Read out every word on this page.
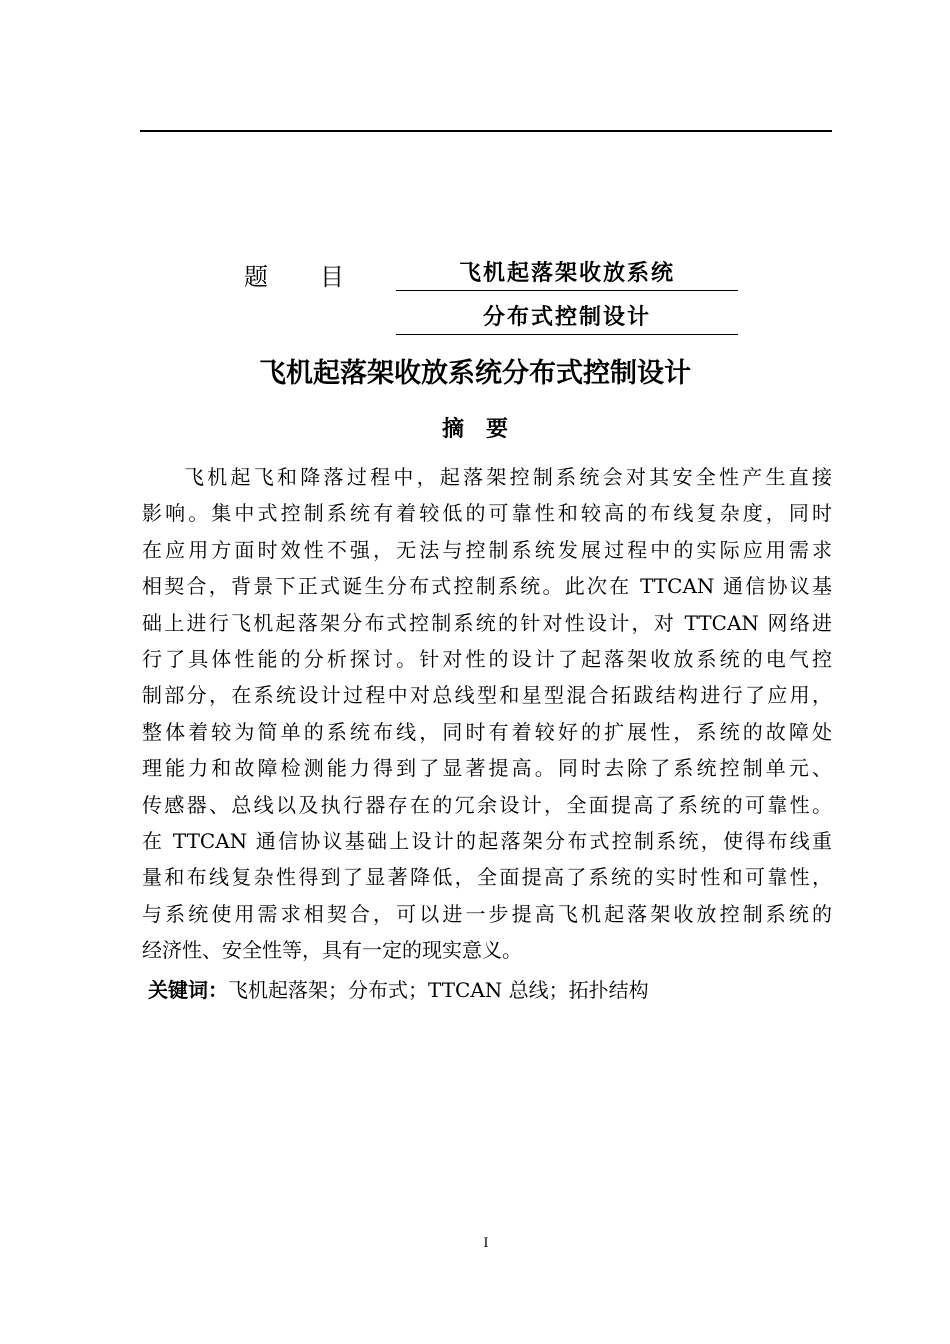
题 目	飞机起落架收放系统
分布式控制设计
飞机起落架收放系统分布式控制设计
摘要
飞机起飞和降落过程中，起落架控制系统会对其安全性产生直接
影响。集中式控制系统有着较低的可靠性和较高的布线复杂度，同时
在应用方面时效性不强，无法与控制系统发展过程中的实际应用需求
相契合，背景下正式诞生分布式控制系统。此次在 TTCAN 通信协议基
础上进行飞机起落架分布式控制系统的针对性设计，对 TTCAN 网络进
行了具体性能的分析探讨。针对性的设计了起落架收放系统的电气控
制部分，在系统设计过程中对总线型和星型混合拓跋结构进行了应用，
整体着较为简单的系统布线，同时有着较好的扩展性，系统的故障处
理能力和故障检测能力得到了显著提高。同时去除了系统控制单元、
传感器、总线以及执行器存在的冗余设计，全面提高了系统的可靠性。
在 TTCAN 通信协议基础上设计的起落架分布式控制系统，使得布线重
量和布线复杂性得到了显著降低，全面提高了系统的实时性和可靠性，
与系统使用需求相契合，可以进一步提高飞机起落架收放控制系统的
经济性、安全性等，具有一定的现实意义。
关键词：飞机起落架；分布式；TTCAN 总线；拓扑结构
I
